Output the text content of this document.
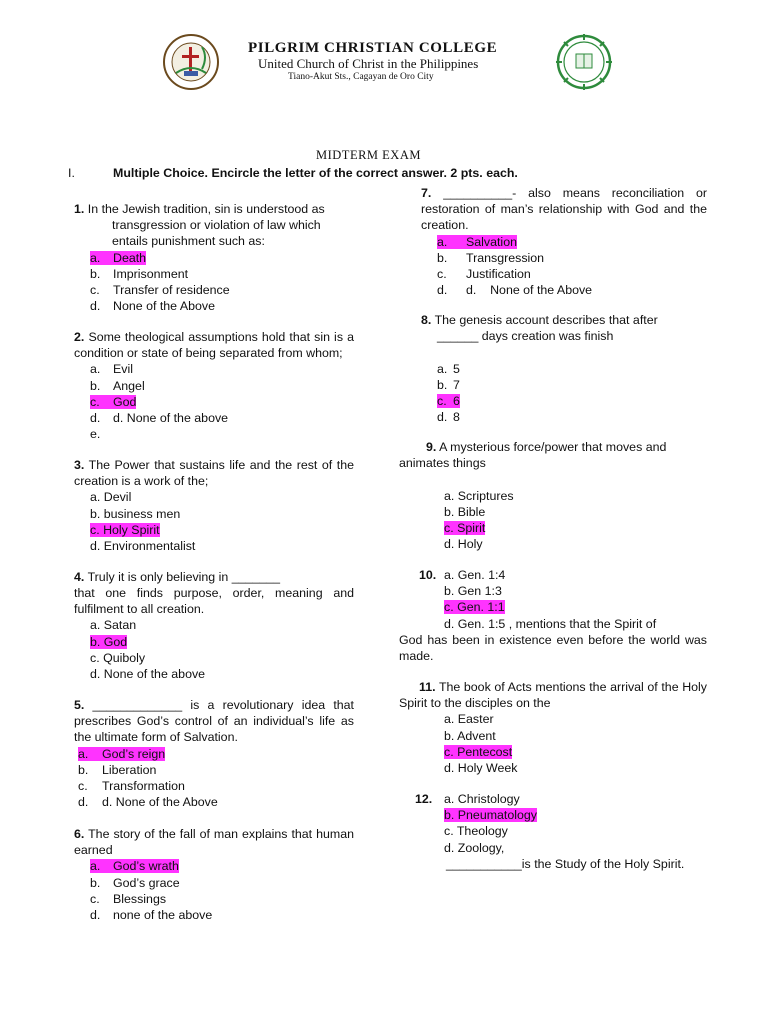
PILGRIM CHRISTIAN COLLEGE
United Church of Christ in the Philippines
Tiano-Akut Sts., Cagayan de Oro City
MIDTERM EXAM
I.	Multiple Choice. Encircle the letter of the correct answer. 2 pts. each.

1. In the Jewish tradition, sin is understood as

transgression or violation of law which

entails punishment such as:

a. Death

b. Imprisonment

c. Transfer of residence

d. None of the Above

2. Some theological assumptions hold that sin is a condition or state of being separated from whom;

a. Evil

b. Angel

c. God

d. d. None of the above

e.

3. The Power that sustains life and the rest of the creation is a work of the;

a. Devil

b. business men

c. Holy Spirit

d. Environmentalist

4. Truly it is only believing in _______

that one finds purpose, order, meaning and fulfilment to all creation.

a. Satan

b. God

c. Quiboly

d. None of the above

5. _____________ is a revolutionary idea that prescribes God’s control of an individual’s life as the ultimate form of Salvation.

a. God’s reign

b. Liberation

c. Transformation

d. d. None of the Above

6. The story of the fall of man explains that human earned

a. God’s wrath

b. God’s grace

c. Blessings

d. none of the above

7. __________- also means reconciliation or restoration of man’s relationship with God and the creation.

a. Salvation

b. Transgression

c. Justification

d. d.    None of the Above

8. The genesis account describes that after

______ days creation was finish

a. 5

b. 7

c. 6

d. 8

9. A mysterious force/power that moves and

animates things

a. Scriptures

b. Bible

c. Spirit

d. Holy

10. a. Gen. 1:4

b. Gen 1:3

c. Gen. 1:1

d. Gen. 1:5 , mentions that the Spirit of

God has been in existence even before the world was made.

11. The book of Acts mentions the arrival of the Holy Spirit to the disciples on the

a. Easter

b. Advent

c. Pentecost

d. Holy Week

12. a. Christology

b. Pneumatology

c. Theology

d. Zoology,

___________is the Study of the Holy Spirit.
